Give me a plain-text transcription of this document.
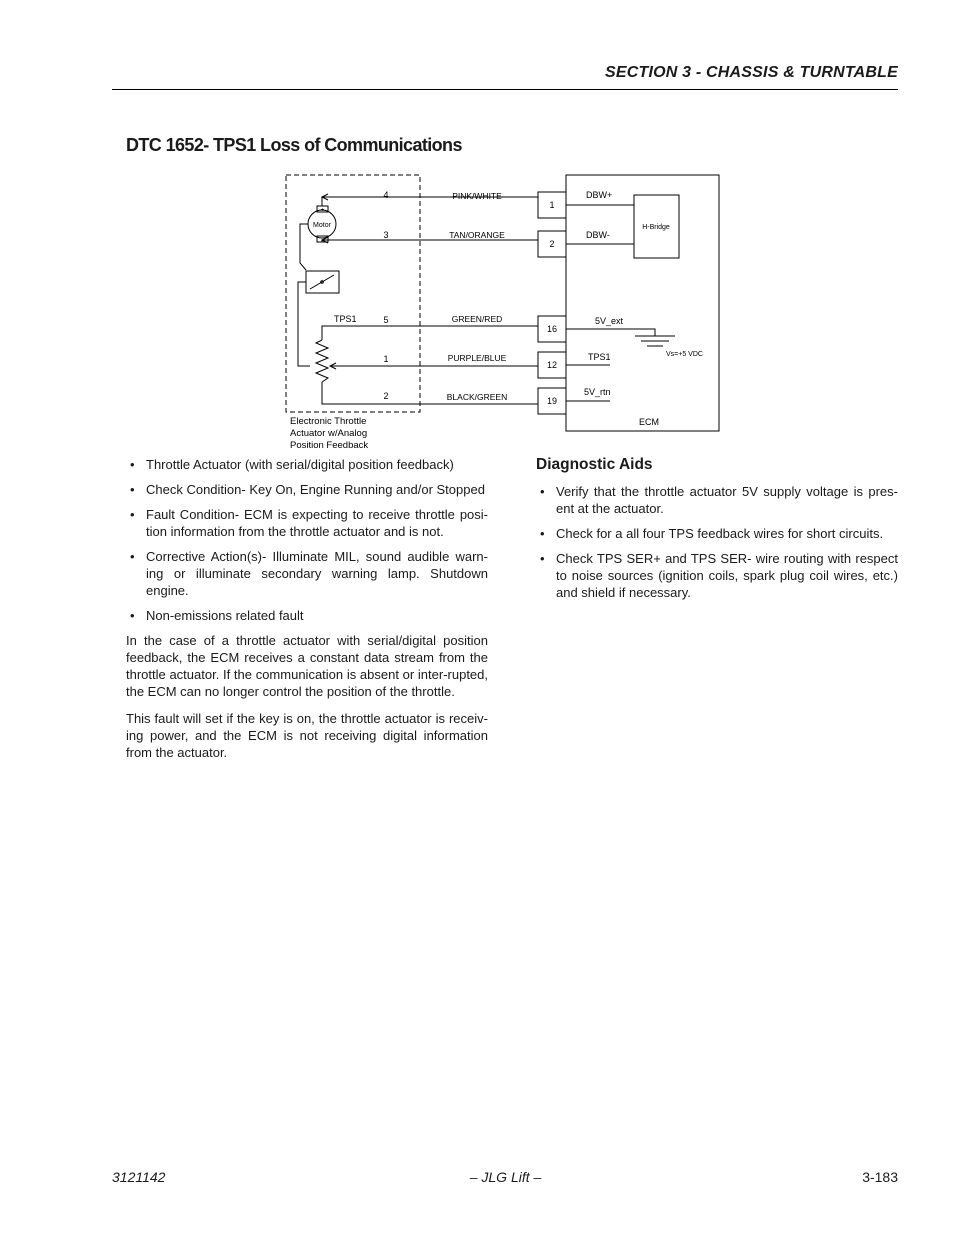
SECTION 3 - CHASSIS & TURNTABLE
DTC 1652- TPS1 Loss of Communications
H-Bridge
+
Motor
-
TPS1
4
3
5
1
2
PINK/WHITE
TAN/ORANGE
GREEN/RED
PURPLE/BLUE
BLACK/GREEN
1
2
16
12
19
DBW+
DBW-
5V_ext
TPS1
5V_rtn
Vs=+5 VDC
ECM
Electronic Throttle
Actuator w/Analog
Position Feedback
• Throttle Actuator (with serial/digital position feedback)
• Check Condition- Key On, Engine Running and/or Stopped
• Fault Condition- ECM is expecting to receive throttle posi-tion information from the throttle actuator and is not.
• Corrective Action(s)- Illuminate MIL, sound audible warn-ing or illuminate secondary warning lamp. Shutdown engine.
• Non-emissions related fault

In the case of a throttle actuator with serial/digital position feedback, the ECM receives a constant data stream from the throttle actuator. If the communication is absent or inter-rupted, the ECM can no longer control the position of the throttle.

This fault will set if the key is on, the throttle actuator is receiv-ing power, and the ECM is not receiving digital information from the actuator.

Diagnostic Aids
• Verify that the throttle actuator 5V supply voltage is pres-ent at the actuator.
• Check for a all four TPS feedback wires for short circuits.
• Check TPS SER+ and TPS SER- wire routing with respect to noise sources (ignition coils, spark plug coil wires, etc.) and shield if necessary.
3121142	– JLG Lift –	3-183
